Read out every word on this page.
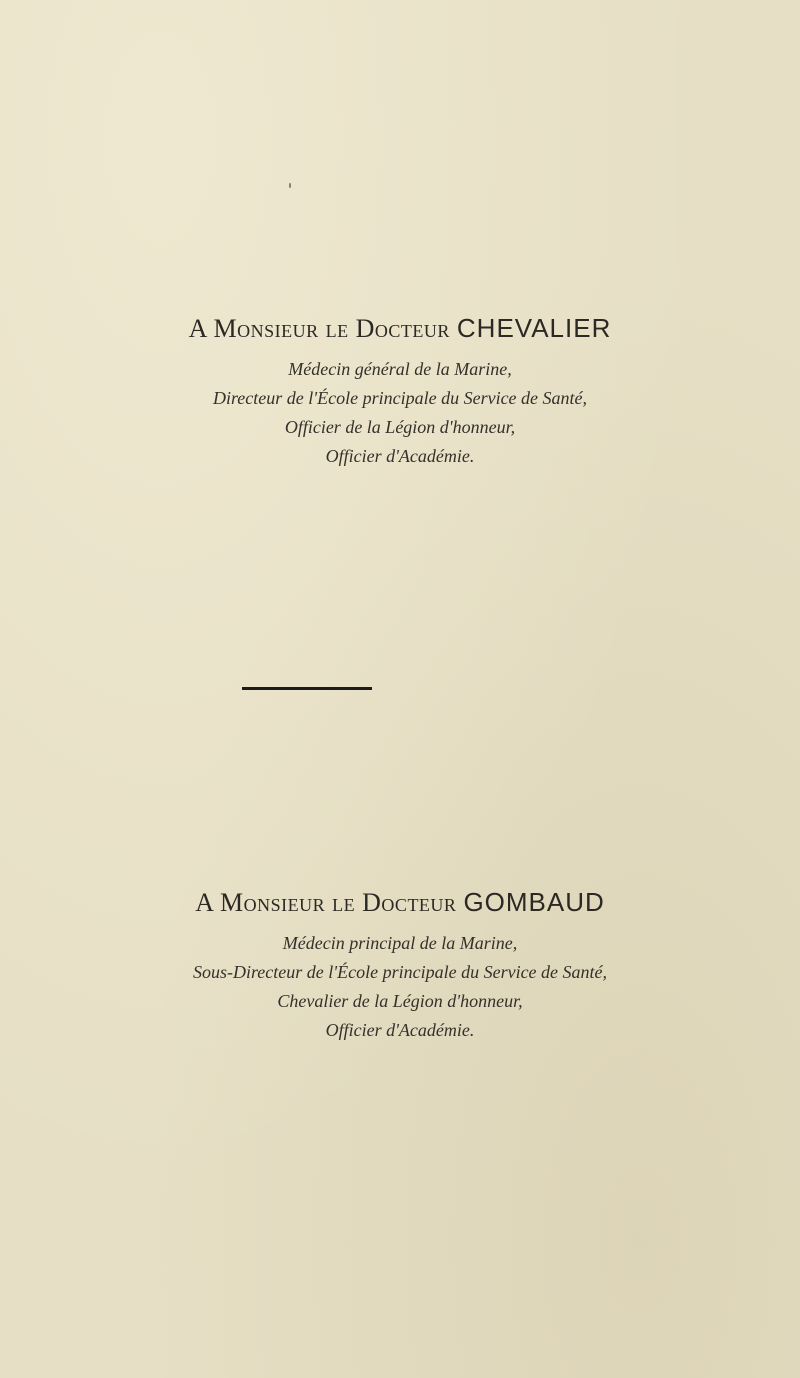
A Monsieur le Docteur CHEVALIER

Médecin général de la Marine,

Directeur de l'École principale du Service de Santé,

Officier de la Légion d'honneur,

Officier d'Académie.

A Monsieur le Docteur GOMBAUD

Médecin principal de la Marine,

Sous-Directeur de l'École principale du Service de Santé,

Chevalier de la Légion d'honneur,

Officier d'Académie.
